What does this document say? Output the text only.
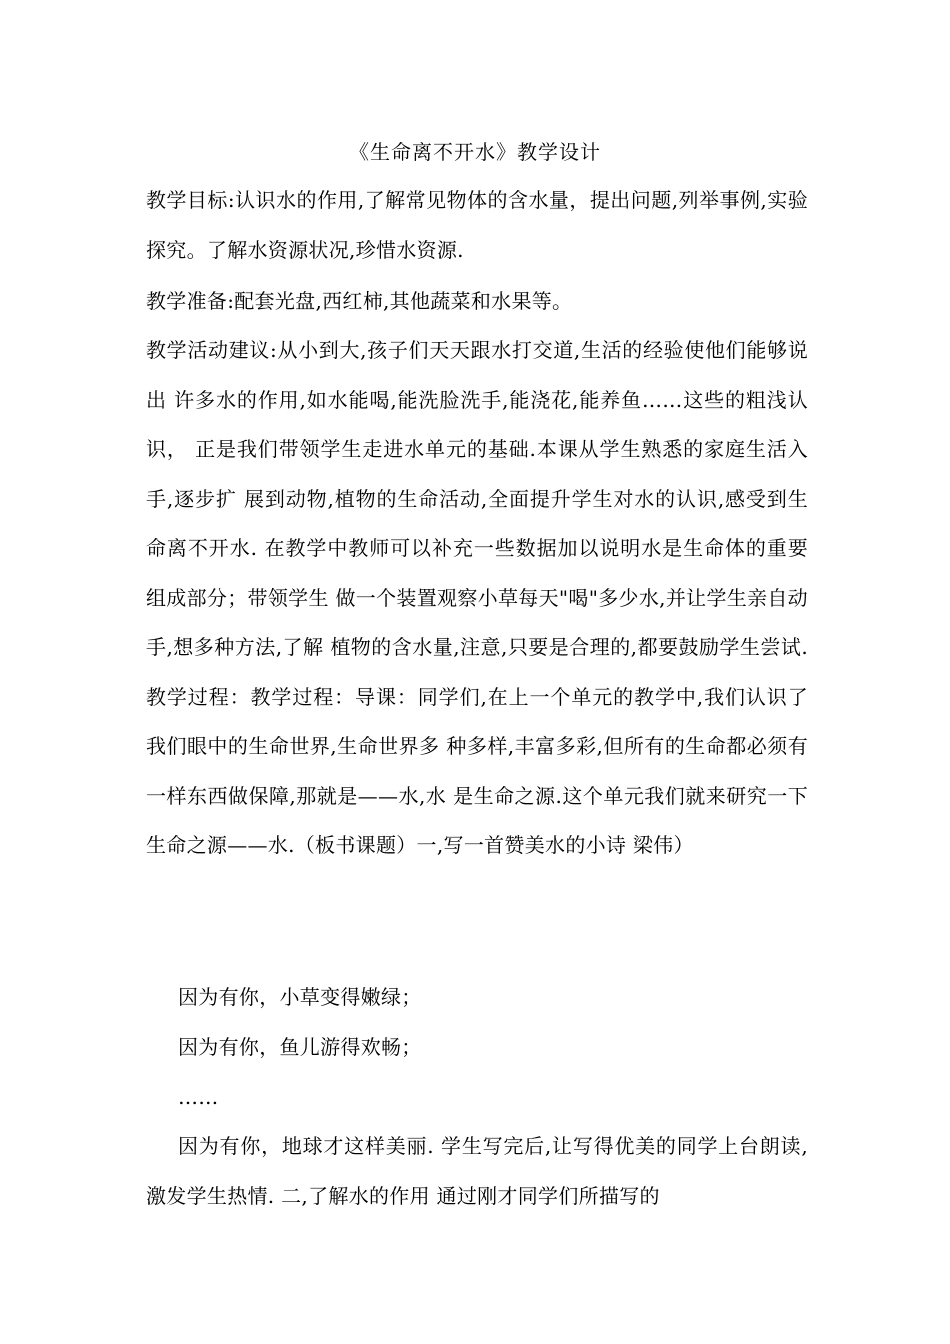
《生命离不开水》教学设计
教学目标:认识水的作用,了解常见物体的含水量，提出问题,列举事例,实验探究。了解水资源状况,珍惜水资源.
教学准备:配套光盘,西红柿,其他蔬菜和水果等。
教学活动建议:从小到大,孩子们天天跟水打交道,生活的经验使他们能够说出 许多水的作用,如水能喝,能洗脸洗手,能浇花,能养鱼……这些的粗浅认识， 正是我们带领学生走进水单元的基础.本课从学生熟悉的家庭生活入手,逐步扩 展到动物,植物的生命活动,全面提升学生对水的认识,感受到生命离不开水. 在教学中教师可以补充一些数据加以说明水是生命体的重要组成部分；带领学生 做一个装置观察小草每天"喝"多少水,并让学生亲自动手,想多种方法,了解 植物的含水量,注意,只要是合理的,都要鼓励学生尝试. 教学过程：教学过程：导课：同学们,在上一个单元的教学中,我们认识了我们眼中的生命世界,生命世界多 种多样,丰富多彩,但所有的生命都必须有一样东西做保障,那就是——水,水 是生命之源.这个单元我们就来研究一下生命之源——水.（板书课题）一,写一首赞美水的小诗 梁伟）
因为有你，小草变得嫩绿；
因为有你，鱼儿游得欢畅；
……
因为有你，地球才这样美丽. 学生写完后,让写得优美的同学上台朗读,激发学生热情. 二,了解水的作用 通过刚才同学们所描写的
